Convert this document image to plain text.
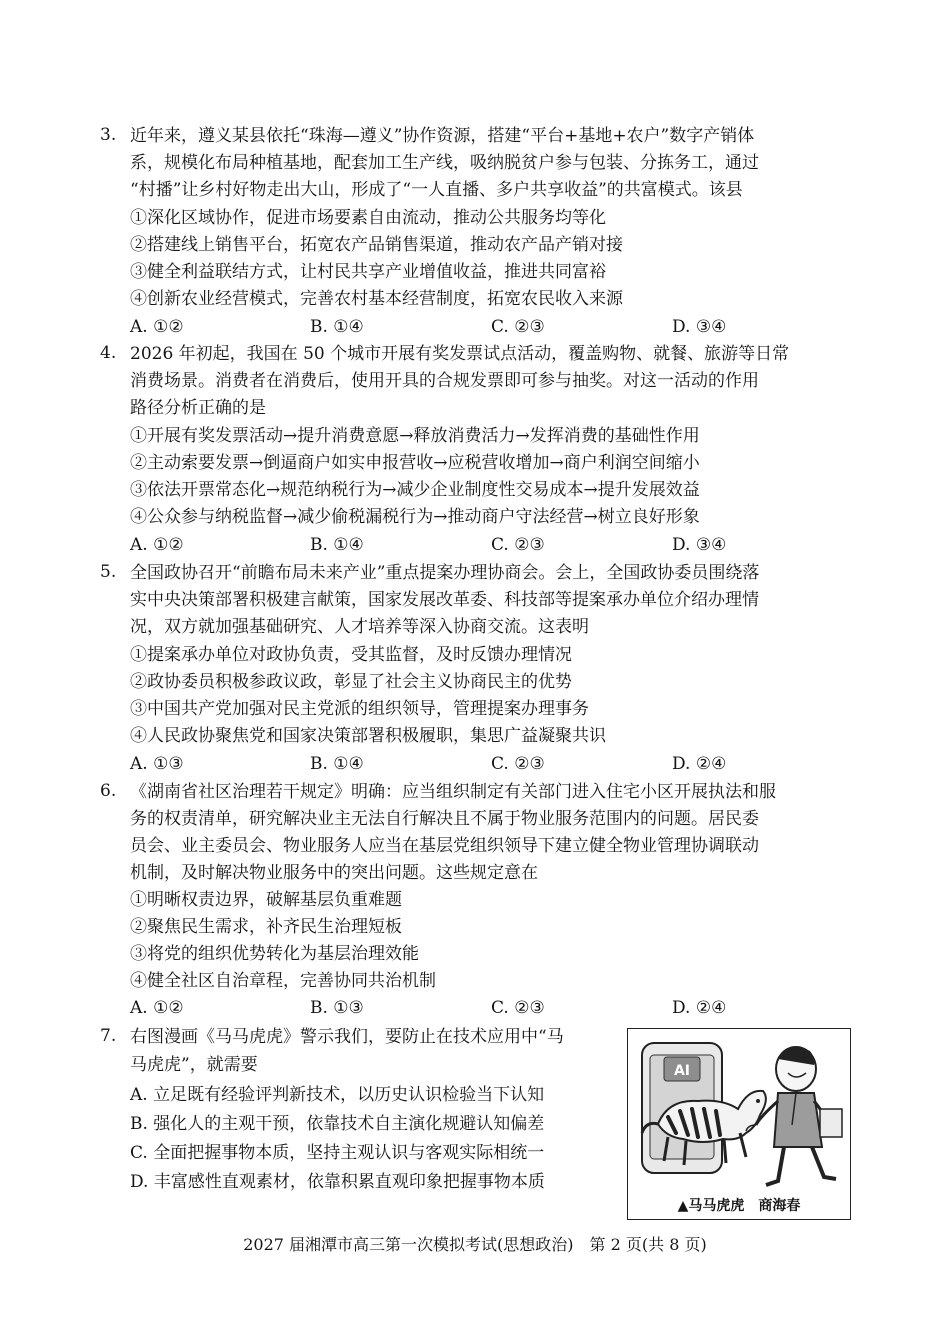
3. 近年来，遵义某县依托“珠海—遵义”协作资源，搭建“平台+基地+农户”数字产销体
系，规模化布局种植基地，配套加工生产线，吸纳脱贫户参与包装、分拣务工，通过
“村播”让乡村好物走出大山，形成了“一人直播、多户共享收益”的共富模式。该县
①深化区域协作，促进市场要素自由流动，推动公共服务均等化
②搭建线上销售平台，拓宽农产品销售渠道，推动农产品产销对接
③健全利益联结方式，让村民共享产业增值收益，推进共同富裕
④创新农业经营模式，完善农村基本经营制度，拓宽农民收入来源
A. ①②	B. ①④	C. ②③	D. ③④
4. 2026 年初起，我国在 50 个城市开展有奖发票试点活动，覆盖购物、就餐、旅游等日常
消费场景。消费者在消费后，使用开具的合规发票即可参与抽奖。对这一活动的作用
路径分析正确的是
①开展有奖发票活动→提升消费意愿→释放消费活力→发挥消费的基础性作用
②主动索要发票→倒逼商户如实申报营收→应税营收增加→商户利润空间缩小
③依法开票常态化→规范纳税行为→减少企业制度性交易成本→提升发展效益
④公众参与纳税监督→减少偷税漏税行为→推动商户守法经营→树立良好形象
A. ①②	B. ①④	C. ②③	D. ③④
5. 全国政协召开“前瞻布局未来产业”重点提案办理协商会。会上，全国政协委员围绕落
实中央决策部署积极建言献策，国家发展改革委、科技部等提案承办单位介绍办理情
况，双方就加强基础研究、人才培养等深入协商交流。这表明
①提案承办单位对政协负责，受其监督，及时反馈办理情况
②政协委员积极参政议政，彰显了社会主义协商民主的优势
③中国共产党加强对民主党派的组织领导，管理提案办理事务
④人民政协聚焦党和国家决策部署积极履职，集思广益凝聚共识
A. ①③	B. ①④	C. ②③	D. ②④
6. 《湖南省社区治理若干规定》明确：应当组织制定有关部门进入住宅小区开展执法和服
务的权责清单，研究解决业主无法自行解决且不属于物业服务范围内的问题。居民委
员会、业主委员会、物业服务人应当在基层党组织领导下建立健全物业管理协调联动
机制，及时解决物业服务中的突出问题。这些规定意在
①明晰权责边界，破解基层负重难题
②聚焦民生需求，补齐民生治理短板
③将党的组织优势转化为基层治理效能
④健全社区自治章程，完善协同共治机制
A. ①②	B. ①③	C. ②③	D. ②④
7. 右图漫画《马马虎虎》警示我们，要防止在技术应用中“马
马虎虎”，就需要
A. 立足既有经验评判新技术，以历史认识检验当下认知
B. 强化人的主观干预，依靠技术自主演化规避认知偏差
C. 全面把握事物本质，坚持主观认识与客观实际相统一
D. 丰富感性直观素材，依靠积累直观印象把握事物本质
AI
▲马马虎虎　商海春
2027 届湘潭市高三第一次模拟考试(思想政治)　第 2 页(共 8 页)
